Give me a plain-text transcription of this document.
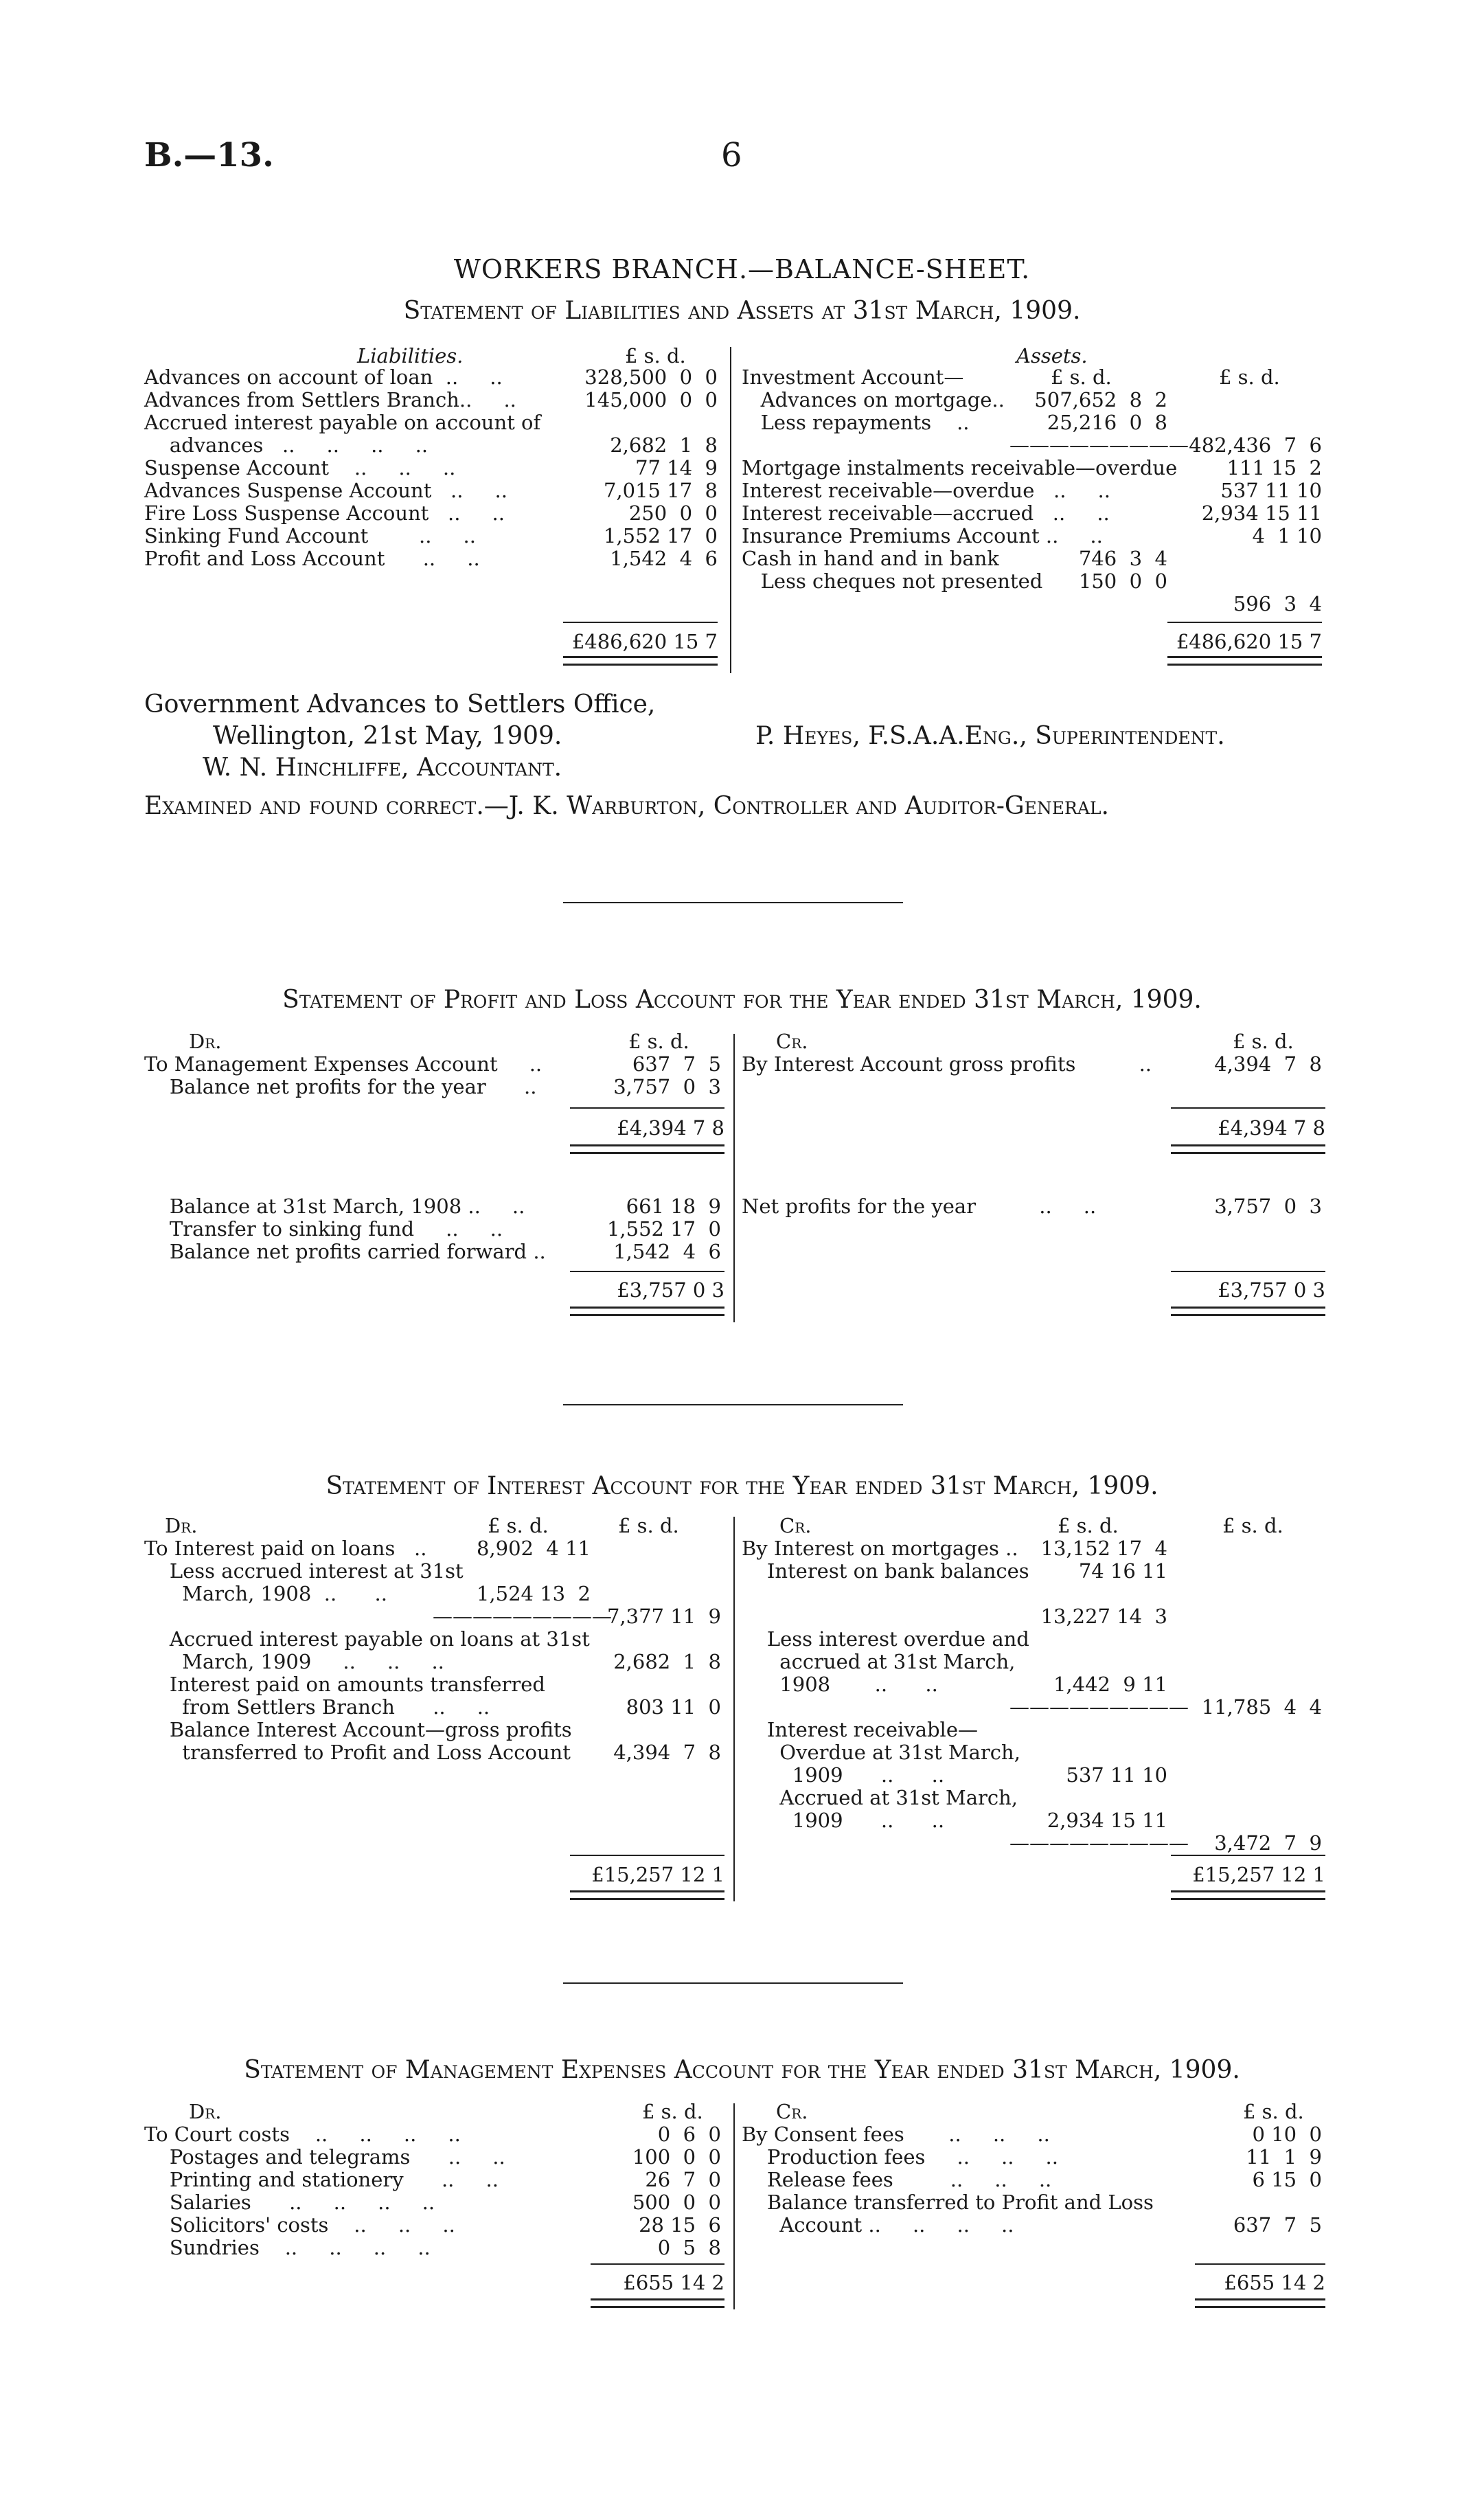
B.—13.	6
WORKERS BRANCH.—BALANCE-SHEET.
Statement of Liabilities and Assets at 31st March, 1909.
Liabilities.	£ s. d.
Advances on account of loan  ..     ..	328,500  0  0
Advances from Settlers Branch..     ..	145,000  0  0
Accrued interest payable on account of
advances   ..     ..     ..     ..	2,682  1  8
Suspense Account    ..     ..     ..	77 14  9
Advances Suspense Account   ..     ..	7,015 17  8
Fire Loss Suspense Account   ..     ..	250  0  0
Sinking Fund Account        ..     ..	1,552 17  0
Profit and Loss Account      ..     ..	1,542  4  6
£486,620 15 7
Assets.
£ s. d.	£ s. d.
Investment Account—
Advances on mortgage..	507,652  8  2
Less repayments    ..	25,216  0  8
————————— 482,436  7  6
Mortgage instalments receivable—overdue	111 15  2
Interest receivable—overdue   ..     ..	537 11 10
Interest receivable—accrued   ..     ..	2,934 15 11
Insurance Premiums Account ..     ..	4  1 10
Cash in hand and in bank	746  3  4
Less cheques not presented	150  0  0
596  3  4
£486,620 15 7
Government Advances to Settlers Office,
Wellington, 21st May, 1909.
W. N. Hinchliffe, Accountant.
P. Heyes, F.S.A.A.Eng., Superintendent.
Examined and found correct.—J. K. Warburton, Controller and Auditor-General.
Statement of Profit and Loss Account for the Year ended 31st March, 1909.
Dr.	£ s. d.	Cr.	£ s. d.
To Management Expenses Account     ..	637  7  5
Balance net profits for the year      ..	3,757  0  3
By Interest Account gross profits          ..	4,394  7  8
£4,394 7 8	£4,394 7 8
Balance at 31st March, 1908 ..     ..	661 18  9
Transfer to sinking fund     ..     ..	1,552 17  0
Balance net profits carried forward ..	1,542  4  6
Net profits for the year          ..     ..	3,757  0  3
£3,757 0 3	£3,757 0 3
Statement of Interest Account for the Year ended 31st March, 1909.
Dr.	£ s. d.	£ s. d.	Cr.	£ s. d.	£ s. d.
To Interest paid on loans   ..	8,902  4 11
Less accrued interest at 31st
March, 1908  ..      ..	1,524 13  2
—————————
7,377 11  9
Accrued interest payable on loans at 31st
March, 1909     ..     ..     ..	2,682  1  8
Interest paid on amounts transferred
from Settlers Branch      ..     ..	803 11  0
Balance Interest Account—gross profits
transferred to Profit and Loss Account	4,394  7  8
By Interest on mortgages ..	13,152 17  4
Interest on bank balances	74 16 11
13,227 14  3
Less interest overdue and
accrued at 31st March,
1908       ..      ..	1,442  9 11
————————— 11,785  4  4
Interest receivable—
Overdue at 31st March,
1909      ..      ..	537 11 10
Accrued at 31st March,
1909      ..      ..	2,934 15 11
—————————	3,472  7  9
£15,257 12 1	£15,257 12 1
Statement of Management Expenses Account for the Year ended 31st March, 1909.
Dr.	£ s. d.	Cr.	£ s. d.
To Court costs    ..     ..     ..     ..	0  6  0
Postages and telegrams      ..     ..	100  0  0
Printing and stationery      ..     ..	26  7  0
Salaries      ..     ..     ..     ..	500  0  0
Solicitors' costs    ..     ..     ..	28 15  6
Sundries    ..     ..     ..     ..	0  5  8
By Consent fees       ..     ..     ..	0 10  0
Production fees     ..     ..     ..	11  1  9
Release fees         ..     ..     ..	6 15  0
Balance transferred to Profit and Loss
Account ..     ..     ..     ..	637  7  5
£655 14 2	£655 14 2
